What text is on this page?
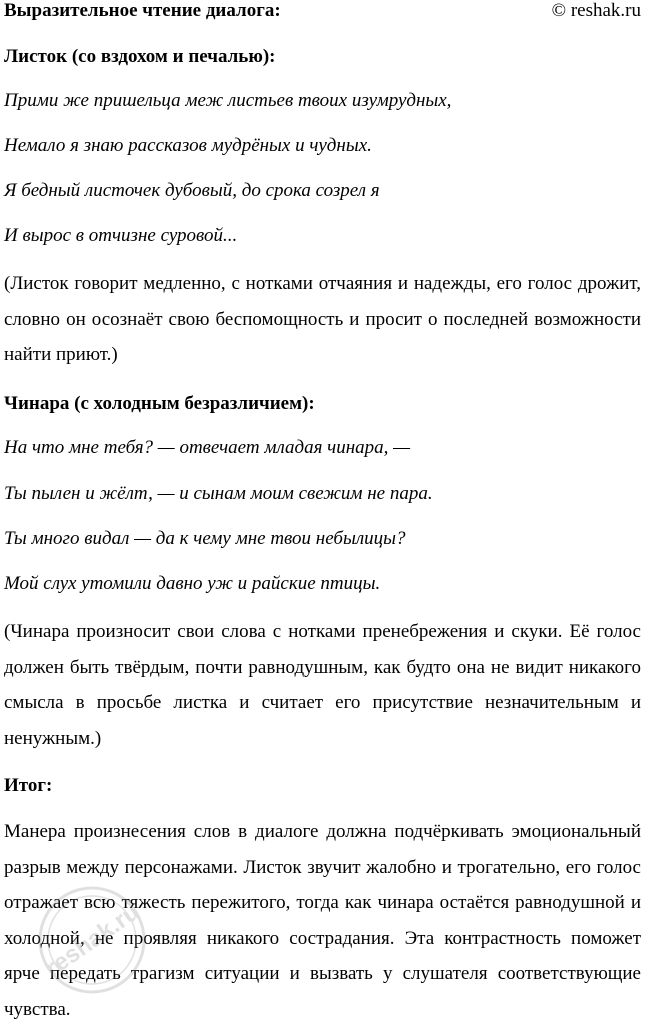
Выразительное чтение диалога:	© reshak.ru
Листок (со вздохом и печалью):
Прими же пришельца меж листьев твоих изумрудных,
Немало я знаю рассказов мудрёных и чудных.
Я бедный листочек дубовый, до срока созрел я
И вырос в отчизне суровой...
(Листок говорит медленно, с нотками отчаяния и надежды, его голос дрожит, словно он осознаёт свою беспомощность и просит о последней возможности найти приют.)
Чинара (с холодным безразличием):
На что мне тебя? — отвечает младая чинара, —
Ты пылен и жёлт, — и сынам моим свежим не пара.
Ты много видал — да к чему мне твои небылицы?
Мой слух утомили давно уж и райские птицы.
(Чинара произносит свои слова с нотками пренебрежения и скуки. Её голос должен быть твёрдым, почти равнодушным, как будто она не видит никакого смысла в просьбе листка и считает его присутствие незначительным и ненужным.)
Итог:
Манера произнесения слов в диалоге должна подчёркивать эмоциональный разрыв между персонажами. Листок звучит жалобно и трогательно, его голос отражает всю тяжесть пережитого, тогда как чинара остаётся равнодушной и холодной, не проявляя никакого сострадания. Эта контрастность поможет ярче передать трагизм ситуации и вызвать у слушателя соответствующие чувства.
reshak.ru
